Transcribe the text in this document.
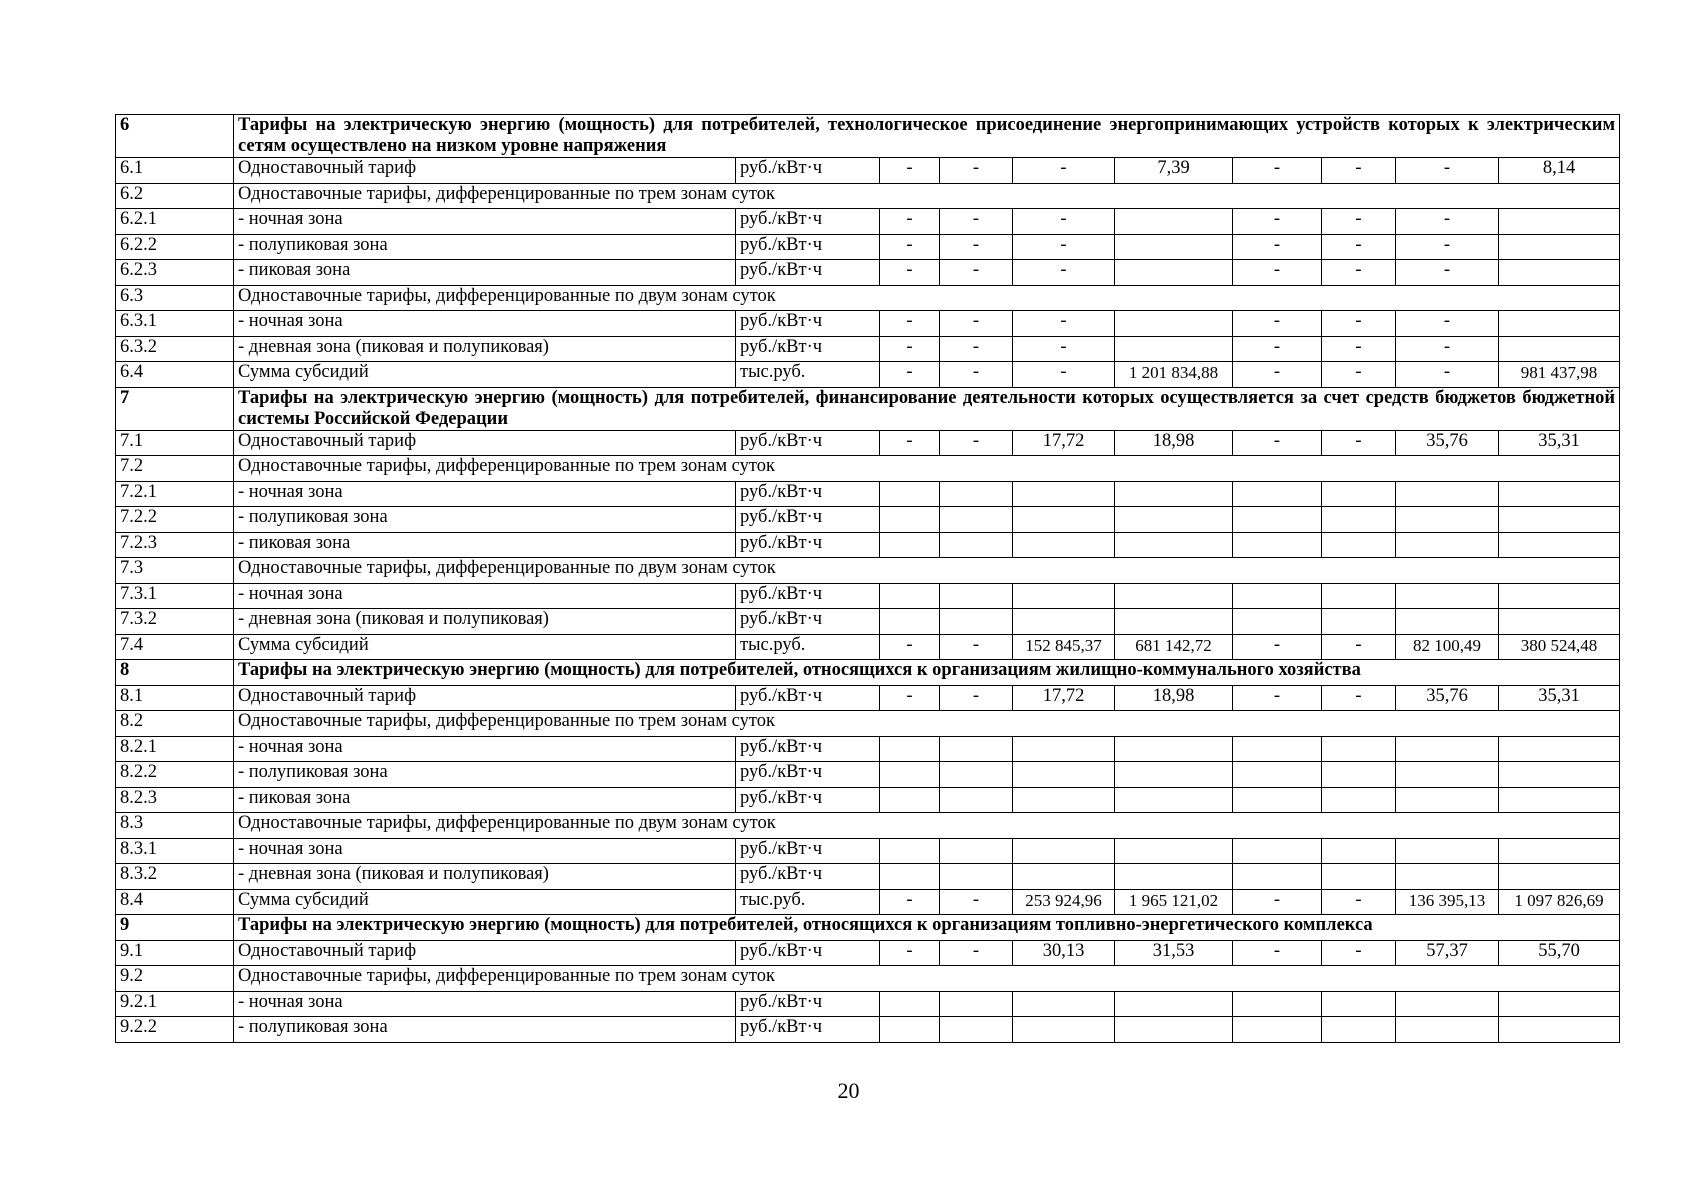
6	Тарифы на электрическую энергию (мощность) для потребителей, технологическое присоединение энергопринимающих устройств которых к электрическим сетям осуществлено на низком уровне напряжения									
6.1	Одноставочный тариф	руб./кВт·ч	-	-	-	7,39	-	-	-	8,14
6.2	Одноставочные тарифы, дифференцированные по трем зонам суток									
6.2.1	- ночная зона	руб./кВт·ч	-	-	-		-	-	-	
6.2.2	- полупиковая зона	руб./кВт·ч	-	-	-		-	-	-	
6.2.3	- пиковая зона	руб./кВт·ч	-	-	-		-	-	-	
6.3	Одноставочные тарифы, дифференцированные по двум зонам суток									
6.3.1	- ночная зона	руб./кВт·ч	-	-	-		-	-	-	
6.3.2	- дневная зона (пиковая и полупиковая)	руб./кВт·ч	-	-	-		-	-	-	
6.4	Сумма субсидий	тыс.руб.	-	-	-	1 201 834,88	-	-	-	981 437,98
7	Тарифы на электрическую энергию (мощность) для потребителей, финансирование деятельности которых осуществляется за счет средств бюджетов бюджетной системы Российской Федерации									
7.1	Одноставочный тариф	руб./кВт·ч	-	-	17,72	18,98	-	-	35,76	35,31
7.2	Одноставочные тарифы, дифференцированные по трем зонам суток									
7.2.1	- ночная зона	руб./кВт·ч								
7.2.2	- полупиковая зона	руб./кВт·ч								
7.2.3	- пиковая зона	руб./кВт·ч								
7.3	Одноставочные тарифы, дифференцированные по двум зонам суток									
7.3.1	- ночная зона	руб./кВт·ч								
7.3.2	- дневная зона (пиковая и полупиковая)	руб./кВт·ч								
7.4	Сумма субсидий	тыс.руб.	-	-	152 845,37	681 142,72	-	-	82 100,49	380 524,48
8	Тарифы на электрическую энергию (мощность) для потребителей, относящихся к организациям жилищно-коммунального хозяйства									
8.1	Одноставочный тариф	руб./кВт·ч	-	-	17,72	18,98	-	-	35,76	35,31
8.2	Одноставочные тарифы, дифференцированные по трем зонам суток									
8.2.1	- ночная зона	руб./кВт·ч								
8.2.2	- полупиковая зона	руб./кВт·ч								
8.2.3	- пиковая зона	руб./кВт·ч								
8.3	Одноставочные тарифы, дифференцированные по двум зонам суток									
8.3.1	- ночная зона	руб./кВт·ч								
8.3.2	- дневная зона (пиковая и полупиковая)	руб./кВт·ч								
8.4	Сумма субсидий	тыс.руб.	-	-	253 924,96	1 965 121,02	-	-	136 395,13	1 097 826,69
9	Тарифы на электрическую энергию (мощность) для потребителей, относящихся к организациям топливно-энергетического комплекса									
9.1	Одноставочный тариф	руб./кВт·ч	-	-	30,13	31,53	-	-	57,37	55,70
9.2	Одноставочные тарифы, дифференцированные по трем зонам суток									
9.2.1	- ночная зона	руб./кВт·ч								
9.2.2	- полупиковая зона	руб./кВт·ч								
20
